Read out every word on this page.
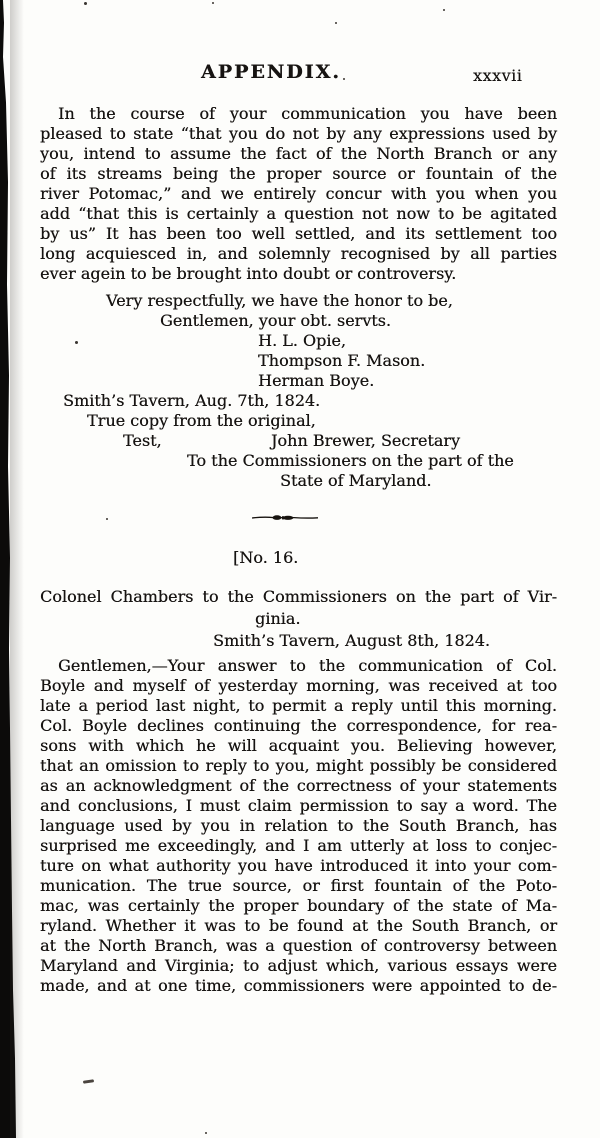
APPENDIX.	xxxvii
In the course of your communication you have been
pleased to state “that you do not by any expressions used by
you, intend to assume the fact of the North Branch or any
of its streams being the proper source or fountain of the
river Potomac,” and we entirely concur with you when you
add “that this is certainly a question not now to be agitated
by us” It has been too well settled, and its settlement too
long acquiesced in, and solemnly recognised by all parties
ever agein to be brought into doubt or controversy.
Very respectfully, we have the honor to be,
Gentlemen, your obt. servts.
H. L. Opie,
Thompson F. Mason.
Herman Boye.
Smith’s Tavern, Aug. 7th, 1824.
True copy from the original,
Test,	John Brewer, Secretary
To the Commissioners on the part of the
State of Maryland.
[No. 16.
Colonel Chambers to the Commissioners on the part of Vir-
ginia.
Smith’s Tavern, August 8th, 1824.
Gentlemen,—Your answer to the communication of Col.
Boyle and myself of yesterday morning, was received at too
late a period last night, to permit a reply until this morning.
Col. Boyle declines continuing the correspondence, for rea-
sons with which he will acquaint you. Believing however,
that an omission to reply to you, might possibly be considered
as an acknowledgment of the correctness of your statements
and conclusions, I must claim permission to say a word. The
language used by you in relation to the South Branch, has
surprised me exceedingly, and I am utterly at loss to conjec-
ture on what authority you have introduced it into your com-
munication. The true source, or first fountain of the Poto-
mac, was certainly the proper boundary of the state of Ma-
ryland. Whether it was to be found at the South Branch, or
at the North Branch, was a question of controversy between
Maryland and Virginia; to adjust which, various essays were
made, and at one time, commissioners were appointed to de-
